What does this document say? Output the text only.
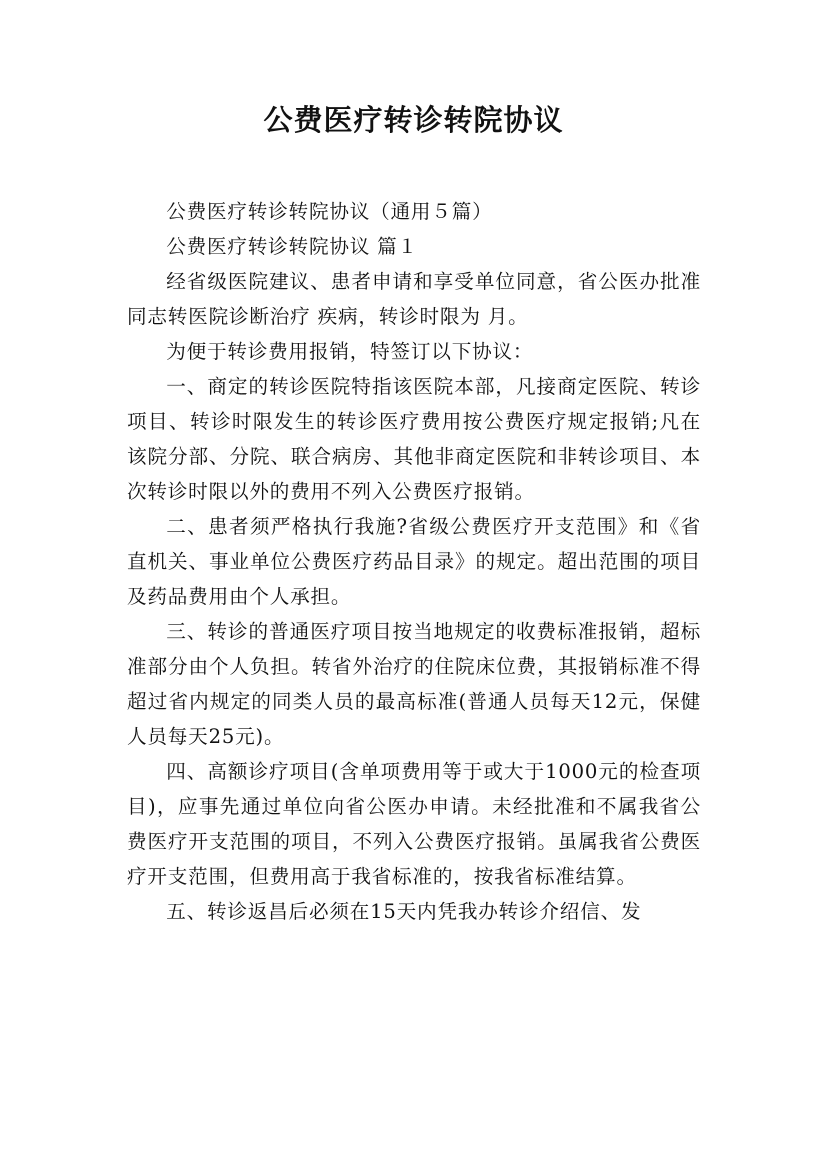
公费医疗转诊转院协议

公费医疗转诊转院协议（通用５篇）

公费医疗转诊转院协议 篇１

经省级医院建议、患者申请和享受单位同意，省公医办批准 同志转医院诊断治疗 疾病，转诊时限为 月。

为便于转诊费用报销，特签订以下协议：

一、商定的转诊医院特指该医院本部，凡接商定医院、转诊项目、转诊时限发生的转诊医疗费用按公费医疗规定报销;凡在该院分部、分院、联合病房、其他非商定医院和非转诊项目、本次转诊时限以外的费用不列入公费医疗报销。

二、患者须严格执行我施?省级公费医疗开支范围》和《省直机关、事业单位公费医疗药品目录》的规定。超出范围的项目及药品费用由个人承担。

三、转诊的普通医疗项目按当地规定的收费标准报销，超标准部分由个人负担。转省外治疗的住院床位费，其报销标准不得超过省内规定的同类人员的最高标准(普通人员每天12元，保健人员每天25元)。

四、高额诊疗项目(含单项费用等于或大于1000元的检查项目)，应事先通过单位向省公医办申请。未经批准和不属我省公费医疗开支范围的项目，不列入公费医疗报销。虽属我省公费医疗开支范围，但费用高于我省标准的，按我省标准结算。

五、转诊返昌后必须在15天内凭我办转诊介绍信、发
